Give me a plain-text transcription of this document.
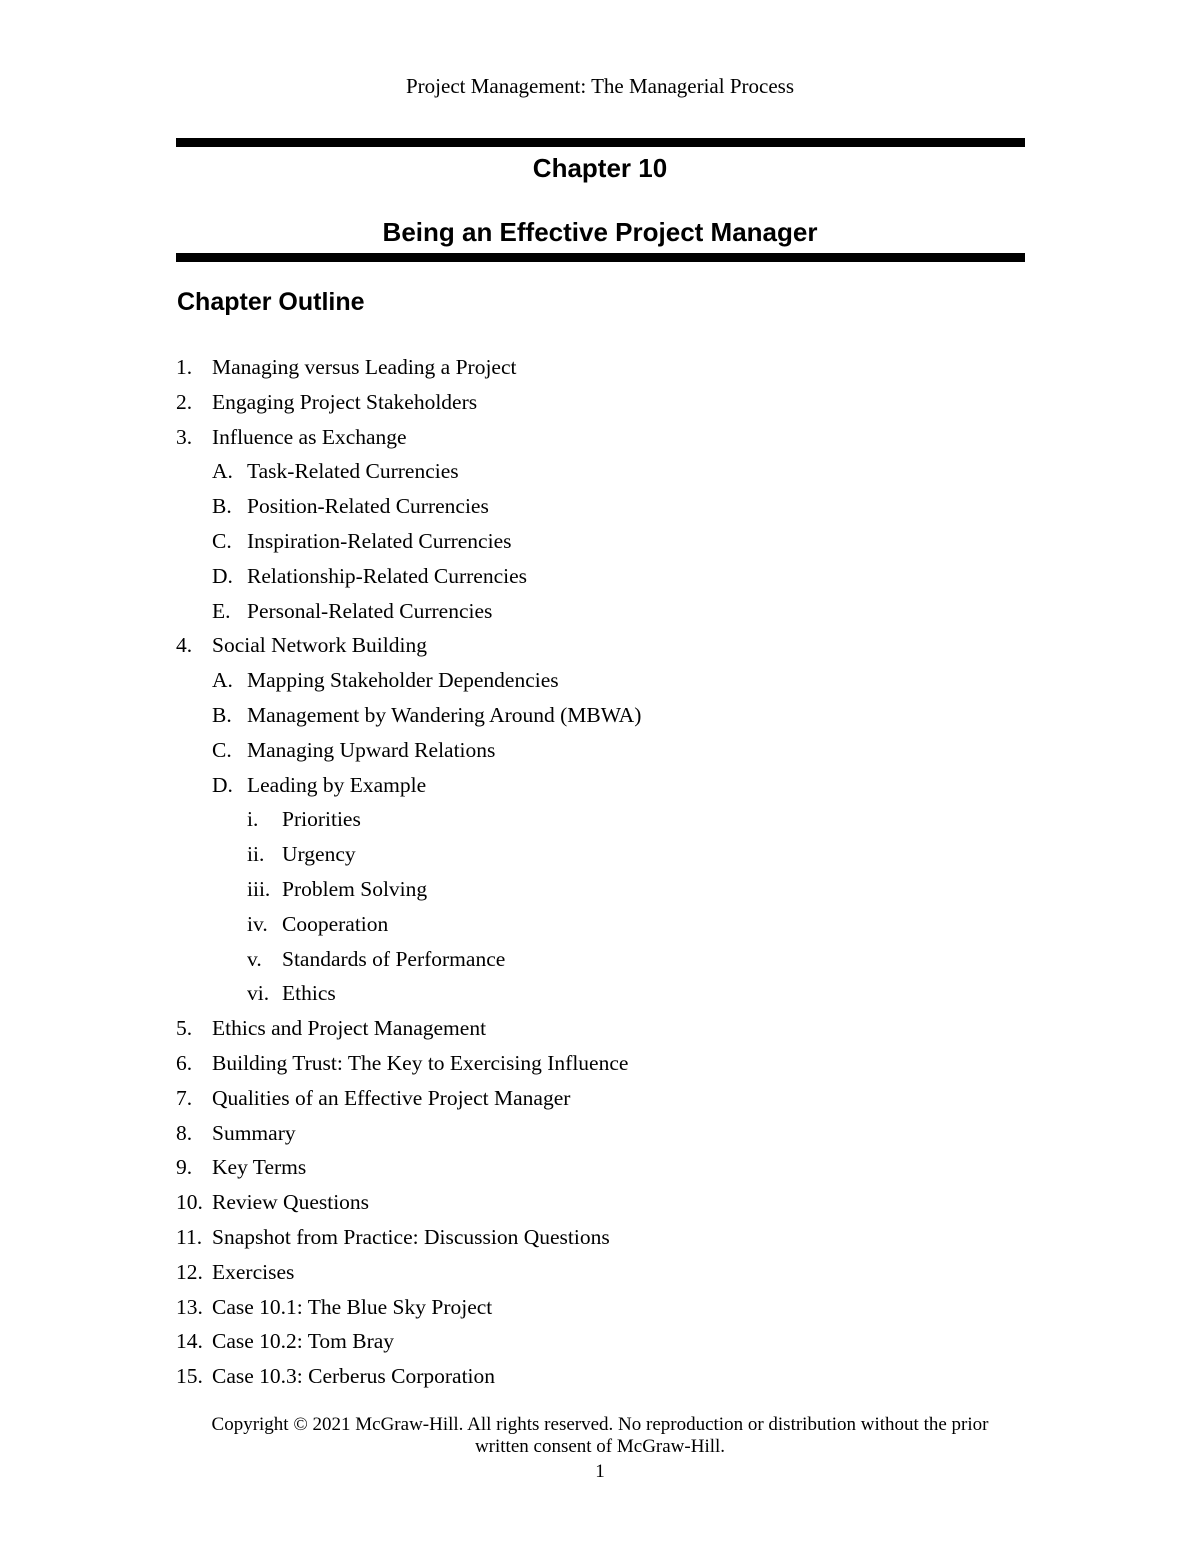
Project Management: The Managerial Process
Chapter 10
Being an Effective Project Manager
Chapter Outline
1. Managing versus Leading a Project
2. Engaging Project Stakeholders
3. Influence as Exchange
A. Task-Related Currencies
B. Position-Related Currencies
C. Inspiration-Related Currencies
D. Relationship-Related Currencies
E. Personal-Related Currencies
4. Social Network Building
A. Mapping Stakeholder Dependencies
B. Management by Wandering Around (MBWA)
C. Managing Upward Relations
D. Leading by Example
i. Priorities
ii. Urgency
iii. Problem Solving
iv. Cooperation
v. Standards of Performance
vi. Ethics
5. Ethics and Project Management
6. Building Trust: The Key to Exercising Influence
7. Qualities of an Effective Project Manager
8. Summary
9. Key Terms
10. Review Questions
11. Snapshot from Practice: Discussion Questions
12. Exercises
13. Case 10.1: The Blue Sky Project
14. Case 10.2: Tom Bray
15. Case 10.3: Cerberus Corporation
Copyright © 2021 McGraw-Hill. All rights reserved. No reproduction or distribution without the prior
written consent of McGraw-Hill.
1
